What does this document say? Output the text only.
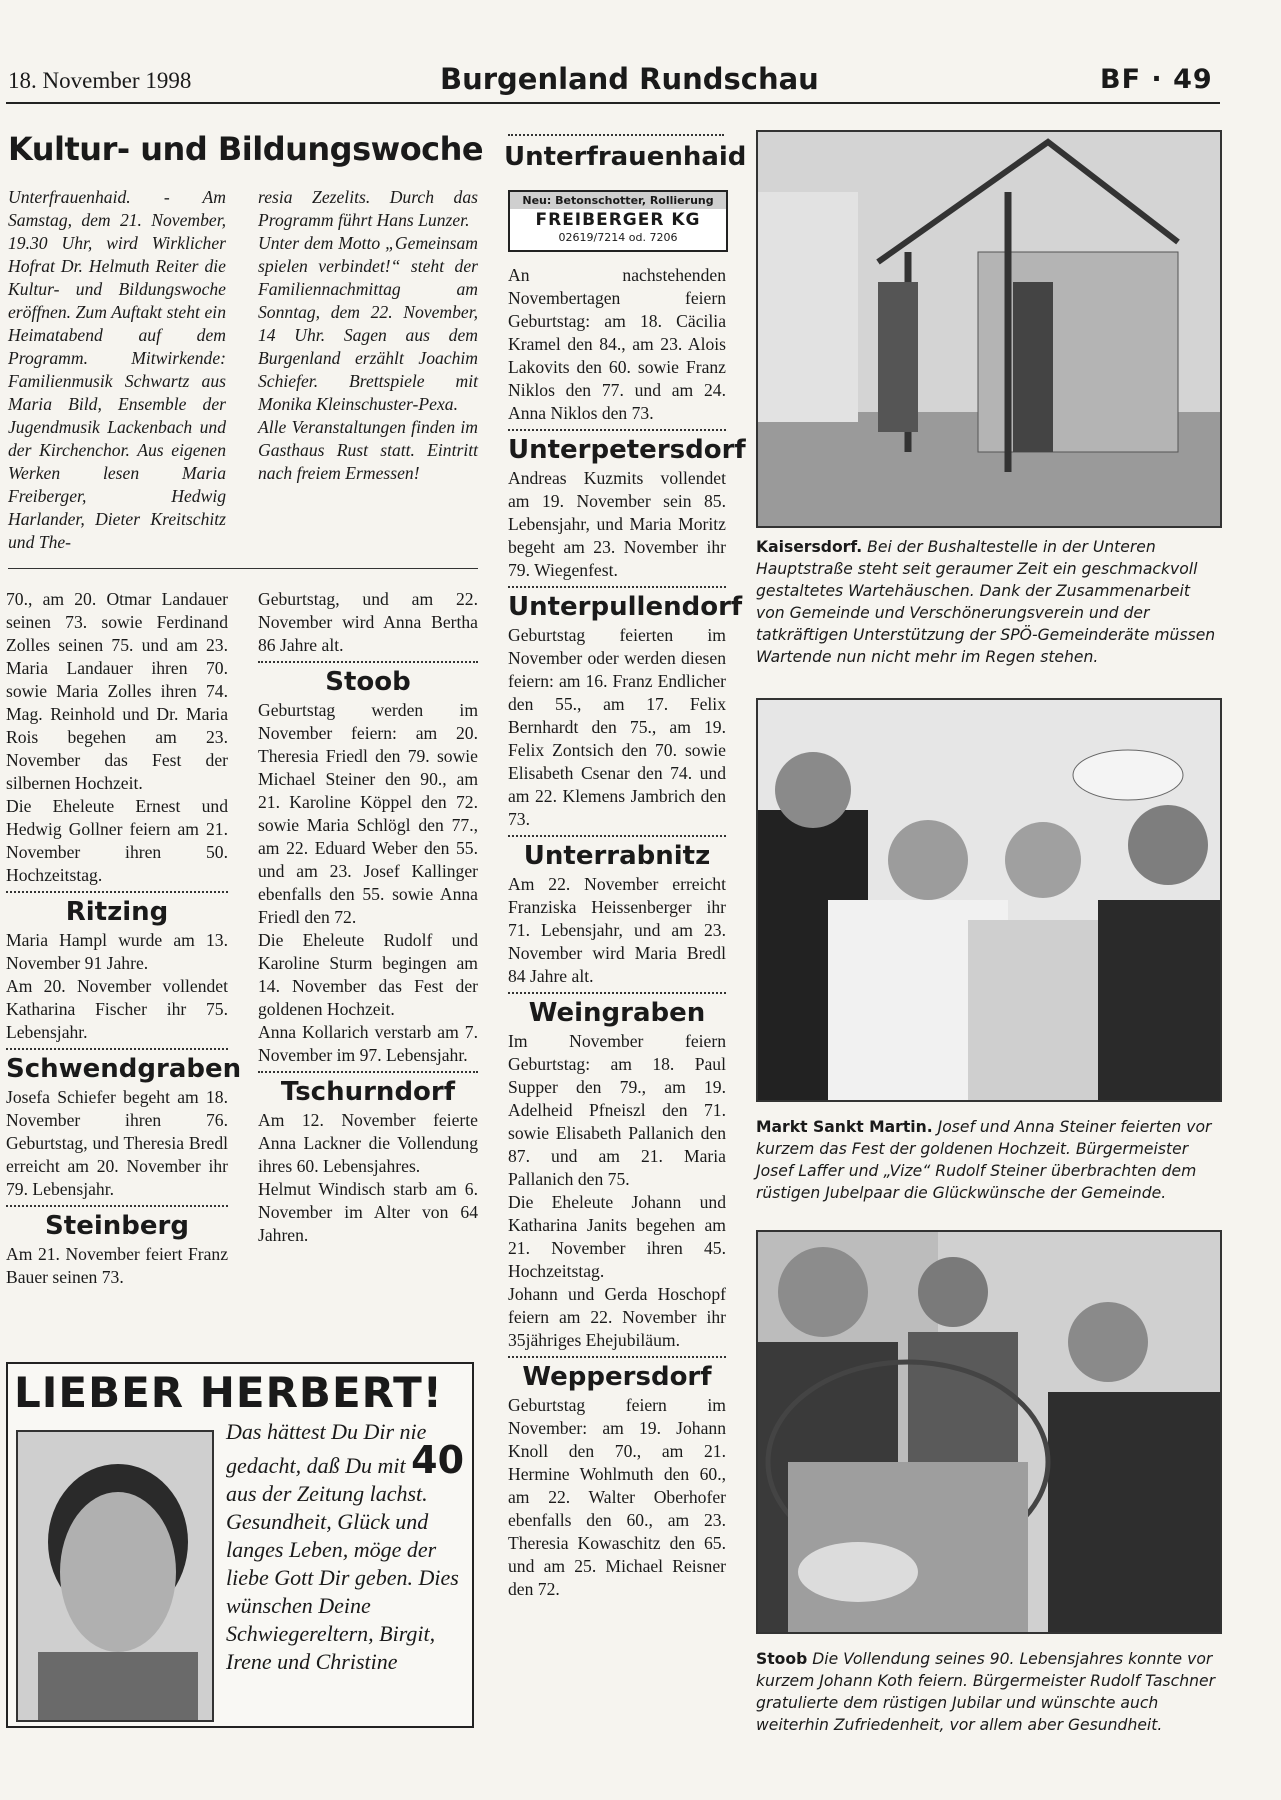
18. November 1998	Burgenland Rundschau	BF · 49
Kultur- und Bildungswoche

Unterfrauenhaid. - Am Samstag, dem 21. November, 19.30 Uhr, wird Wirklicher Hofrat Dr. Helmuth Reiter die Kultur- und Bildungswoche eröffnen. Zum Auftakt steht ein Heimatabend auf dem Programm. Mitwirkende: Familienmusik Schwartz aus Maria Bild, Ensemble der Jugendmusik Lackenbach und der Kirchenchor. Aus eigenen Werken lesen Maria Freiberger, Hedwig Harlander, Dieter Kreitschitz und The-

resia Zezelits. Durch das Programm führt Hans Lunzer.

Unter dem Motto „Gemeinsam spielen verbindet!“ steht der Familiennachmittag am Sonntag, dem 22. November, 14 Uhr. Sagen aus dem Burgenland erzählt Joachim Schiefer. Brettspiele mit Monika Kleinschuster-Pexa.

Alle Veranstaltungen finden im Gasthaus Rust statt. Eintritt nach freiem Ermessen!

70., am 20. Otmar Landauer seinen 73. sowie Ferdinand Zolles seinen 75. und am 23. Maria Landauer ihren 70. sowie Maria Zolles ihren 74. Mag. Reinhold und Dr. Maria Rois begehen am 23. November das Fest der silbernen Hochzeit.

Die Eheleute Ernest und Hedwig Gollner feiern am 21. November ihren 50. Hochzeitstag.

Ritzing

Maria Hampl wurde am 13. November 91 Jahre.

Am 20. November vollendet Katharina Fischer ihr 75. Lebensjahr.

Schwendgraben

Josefa Schiefer begeht am 18. November ihren 76. Geburtstag, und Theresia Bredl erreicht am 20. November ihr 79. Lebensjahr.

Steinberg

Am 21. November feiert Franz Bauer seinen 73.

Geburtstag, und am 22. November wird Anna Bertha 86 Jahre alt.

Stoob

Geburtstag werden im November feiern: am 20. Theresia Friedl den 79. sowie Michael Steiner den 90., am 21. Karoline Köppel den 72. sowie Maria Schlögl den 77., am 22. Eduard Weber den 55. und am 23. Josef Kallinger ebenfalls den 55. sowie Anna Friedl den 72.

Die Eheleute Rudolf und Karoline Sturm begingen am 14. November das Fest der goldenen Hochzeit.

Anna Kollarich verstarb am 7. November im 97. Lebensjahr.

Tschurndorf

Am 12. November feierte Anna Lackner die Vollendung ihres 60. Lebensjahres.

Helmut Windisch starb am 6. November im Alter von 64 Jahren.

Unterfrauenhaid
Neu: Betonschotter, Rollierung
FREIBERGER KG
02619/7214 od. 7206

An nachstehenden Novembertagen feiern Geburtstag: am 18. Cäcilia Kramel den 84., am 23. Alois Lakovits den 60. sowie Franz Niklos den 77. und am 24. Anna Niklos den 73.

Unterpetersdorf

Andreas Kuzmits vollendet am 19. November sein 85. Lebensjahr, und Maria Moritz begeht am 23. November ihr 79. Wiegenfest.

Unterpullendorf

Geburtstag feierten im November oder werden diesen feiern: am 16. Franz Endlicher den 55., am 17. Felix Bernhardt den 75., am 19. Felix Zontsich den 70. sowie Elisabeth Csenar den 74. und am 22. Klemens Jambrich den 73.

Unterrabnitz

Am 22. November erreicht Franziska Heissenberger ihr 71. Lebensjahr, und am 23. November wird Maria Bredl 84 Jahre alt.

Weingraben

Im November feiern Geburtstag: am 18. Paul Supper den 79., am 19. Adelheid Pfneiszl den 71. sowie Elisabeth Pallanich den 87. und am 21. Maria Pallanich den 75.

Die Eheleute Johann und Katharina Janits begehen am 21. November ihren 45. Hochzeitstag.

Johann und Gerda Hoschopf feiern am 22. November ihr 35jähriges Ehejubiläum.

Weppersdorf

Geburtstag feiern im November: am 19. Johann Knoll den 70., am 21. Hermine Wohlmuth den 60., am 22. Walter Oberhofer ebenfalls den 60., am 23. Theresia Kowaschitz den 65. und am 25. Michael Reisner den 72.

Kaisersdorf. Bei der Bushaltestelle in der Unteren Hauptstraße steht seit geraumer Zeit ein geschmackvoll gestaltetes Wartehäuschen. Dank der Zusammenarbeit von Gemeinde und Verschönerungsverein und der tatkräftigen Unterstützung der SPÖ-Gemeinderäte müssen Wartende nun nicht mehr im Regen stehen.
Markt Sankt Martin. Josef und Anna Steiner feierten vor kurzem das Fest der goldenen Hochzeit. Bürgermeister Josef Laffer und „Vize“ Rudolf Steiner überbrachten dem rüstigen Jubelpaar die Glückwünsche der Gemeinde.
Stoob Die Vollendung seines 90. Lebensjahres konnte vor kurzem Johann Koth feiern. Bürgermeister Rudolf Taschner gratulierte dem rüstigen Jubilar und wünschte auch weiterhin Zufriedenheit, vor allem aber Gesundheit.
LIEBER HERBERT!
Das hättest Du Dir nie gedacht, daß Du mit 40 aus der Zeitung lachst. Gesundheit, Glück und langes Leben, möge der liebe Gott Dir geben. Dies wünschen Deine Schwiegereltern, Birgit, Irene und Christine
